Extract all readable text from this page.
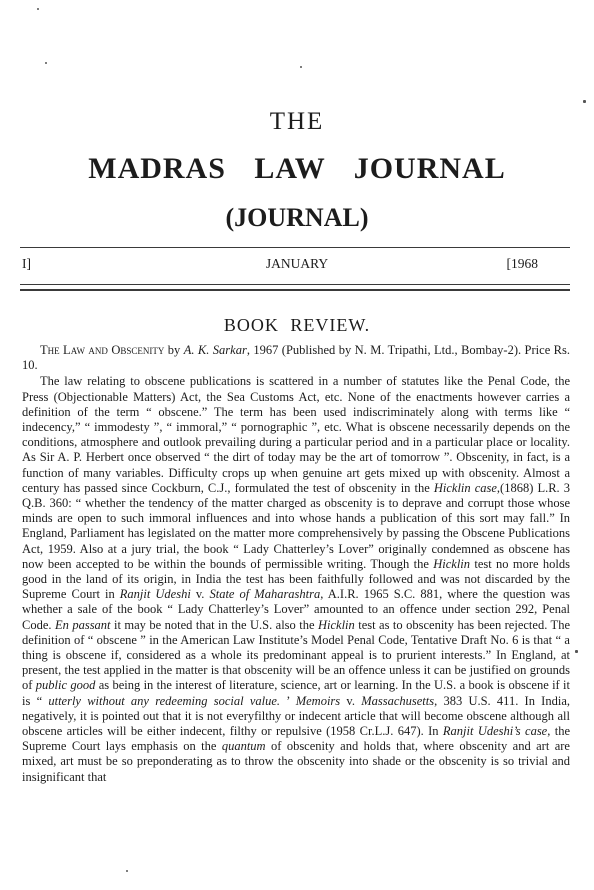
THE
MADRAS LAW JOURNAL
(JOURNAL)
I]	JANUARY	[1968
BOOK REVIEW.

The Law and Obscenity by A. K. Sarkar, 1967 (Published by N. M. Tripathi, Ltd., Bombay-2). Price Rs. 10.

The law relating to obscene publications is scattered in a number of statutes like the Penal Code, the Press (Objectionable Matters) Act, the Sea Customs Act, etc. None of the enactments however carries a definition of the term “ obscene.” The term has been used indiscriminately along with terms like “ indecency,” “ immodesty ”, “ immoral,” “ pornographic ”, etc. What is obscene necessarily depends on the conditions, atmosphere and outlook prevailing during a particular period and in a particular place or locality. As Sir A. P. Herbert once observed “ the dirt of today may be the art of tomorrow ”. Obscenity, in fact, is a function of many variables. Difficulty crops up when genuine art gets mixed up with obscenity. Almost a century has passed since Cockburn, C.J., formulated the test of obscenity in the Hicklin case,(1868) L.R. 3 Q.B. 360: “ whether the tendency of the matter charged as obscenity is to deprave and corrupt those whose minds are open to such immoral influences and into whose hands a publication of this sort may fall.” In England, Parliament has legislated on the matter more comprehensively by passing the Obscene Publications Act, 1959. Also at a jury trial, the book “ Lady Chatterley’s Lover” originally condemned as obscene has now been accepted to be within the bounds of permissible writing. Though the Hicklin test no more holds good in the land of its origin, in India the test has been faithfully followed and was not discarded by the Supreme Court in Ranjit Udeshi v. State of Maharashtra, A.I.R. 1965 S.C. 881, where the question was whether a sale of the book “ Lady Chatterley’s Lover” amounted to an offence under section 292, Penal Code. En passant it may be noted that in the U.S. also the Hicklin test as to obscenity has been rejected. The definition of “ obscene ” in the American Law Institute’s Model Penal Code, Tentative Draft No. 6 is that “ a thing is obscene if, considered as a whole its predominant appeal is to prurient interests.” In England, at present, the test applied in the matter is that obscenity will be an offence unless it can be justified on grounds of public good as being in the interest of literature, science, art or learning. In the U.S. a book is obscene if it is “ utterly without any redeeming social value. ’ Memoirs v. Massachusetts, 383 U.S. 411. In India, negatively, it is pointed out that it is not everyfilthy or indecent article that will become obscene although all obscene articles will be either indecent, filthy or repulsive (1958 Cr.L.J. 647). In Ranjit Udeshi’s case, the Supreme Court lays emphasis on the quantum of obscenity and holds that, where obscenity and art are mixed, art must be so preponderating as to throw the obscenity into shade or the obscenity is so trivial and insignificant that
